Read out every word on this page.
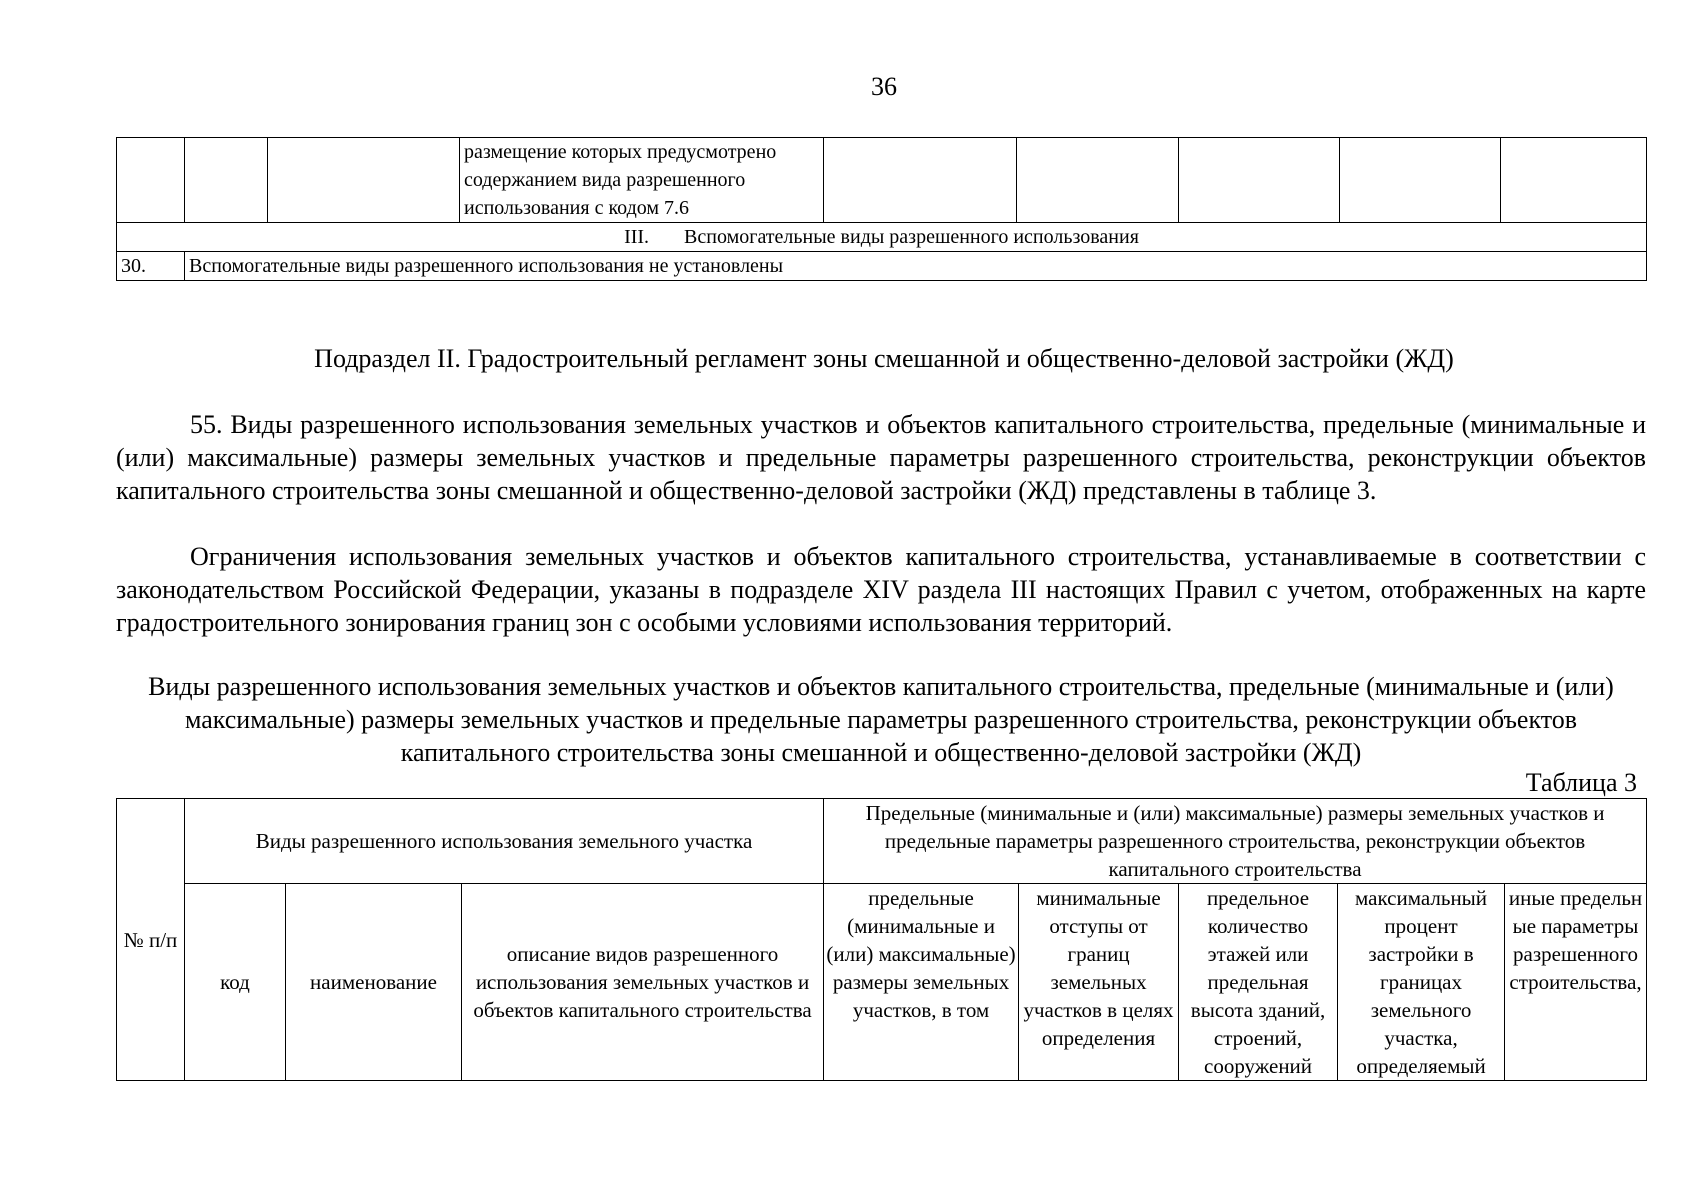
36
			размещение которых предусмотрено содержанием вида разрешенного использования с кодом 7.6					
III. Вспомогательные виды разрешенного использования								
30.	Вспомогательные виды разрешенного использования не установлены							
Подраздел II. Градостроительный регламент зоны смешанной и общественно-деловой застройки (ЖД)
55. Виды разрешенного использования земельных участков и объектов капитального строительства, предельные (минимальные и (или) максимальные) размеры земельных участков и предельные параметры разрешенного строительства, реконструкции объектов капитального строительства зоны смешанной и общественно-деловой застройки (ЖД) представлены в таблице 3.
Ограничения использования земельных участков и объектов капитального строительства, устанавливаемые в соответствии с законодательством Российской Федерации, указаны в подразделе XIV раздела III настоящих Правил с учетом, отображенных на карте градостроительного зонирования границ зон с особыми условиями использования территорий.
Виды разрешенного использования земельных участков и объектов капитального строительства, предельные (минимальные и (или) максимальные) размеры земельных участков и предельные параметры разрешенного строительства, реконструкции объектов капитального строительства зоны смешанной и общественно-деловой застройки (ЖД)
Таблица 3
№ п/п	Виды разрешенного использования земельного участка			Предельные (минимальные и (или) максимальные) размеры земельных участков и предельные параметры разрешенного строительства, реконструкции объектов капитального строительства				

код	наименование	описание видов разрешенного использования земельных участков и объектов капитального строительства	предельные (минимальные и (или) максимальные) размеры земельных участков, в том	минимальные отступы от границ земельных участков в целях определения	предельное количество этажей или предельная высота зданий, строений, сооружений	максимальный процент застройки в границах земельного участка, определяемый	иные предельные параметры разрешенного строительства,
